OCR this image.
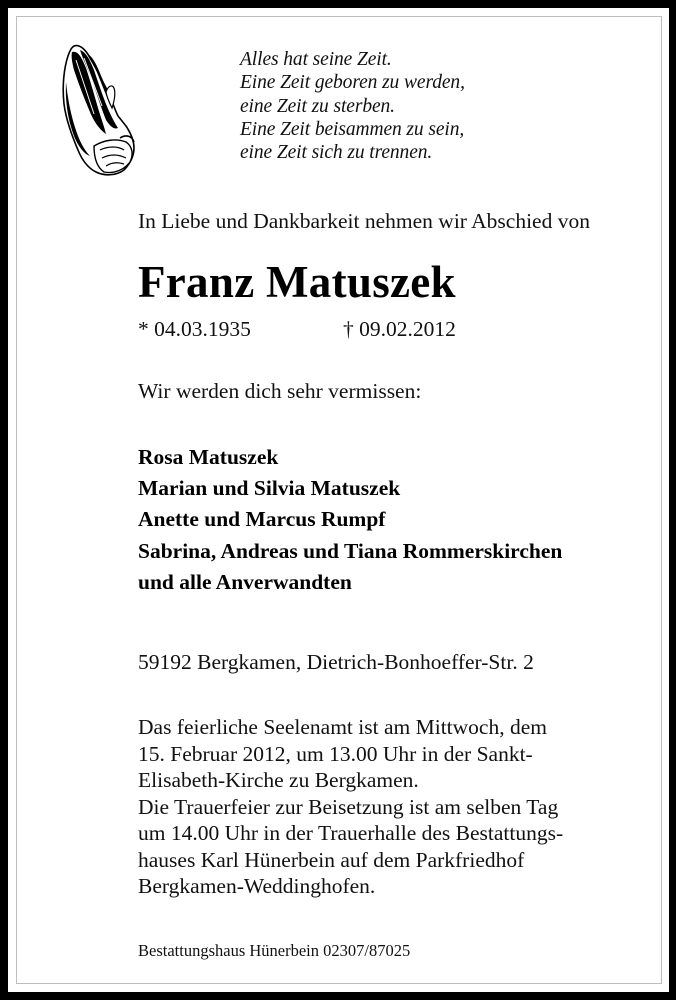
Alles hat seine Zeit.
Eine Zeit geboren zu werden,
eine Zeit zu sterben.
Eine Zeit beisammen zu sein,
eine Zeit sich zu trennen.
In Liebe und Dankbarkeit nehmen wir Abschied von
Franz Matuszek
* 04.03.1935	† 09.02.2012
Wir werden dich sehr vermissen:
Rosa Matuszek
Marian und Silvia Matuszek
Anette und Marcus Rumpf
Sabrina, Andreas und Tiana Rommerskirchen
und alle Anverwandten
59192 Bergkamen, Dietrich-Bonhoeffer-Str. 2
Das feierliche Seelenamt ist am Mittwoch, dem
15. Februar 2012, um 13.00 Uhr in der Sankt-
Elisabeth-Kirche zu Bergkamen.
Die Trauerfeier zur Beisetzung ist am selben Tag
um 14.00 Uhr in der Trauerhalle des Bestattungs-
hauses Karl Hünerbein auf dem Parkfriedhof
Bergkamen-Weddinghofen.
Bestattungshaus Hünerbein 02307/87025
